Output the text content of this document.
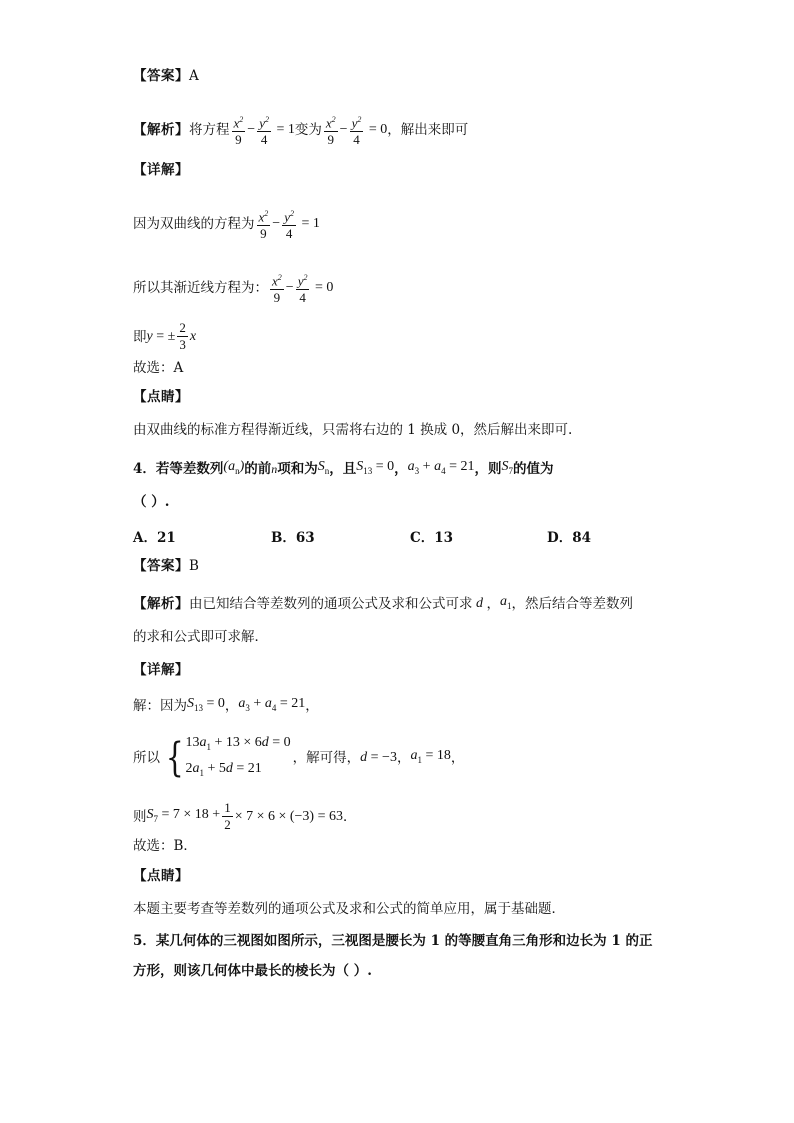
【答案】 A
【解析】 将方程 $\frac{x^2}{9} - \frac{y^2}{4} = 1$ 变为 $\frac{x^2}{9} - \frac{y^2}{4} = 0$ ，解出来即可
【详解】
因为双曲线的方程为 $\frac{x^2}{9} - \frac{y^2}{4} = 1$
所以其渐近线方程为： $\frac{x^2}{9} - \frac{y^2}{4} = 0$
即 y = ± $\frac{2}{3}$ x
故选：A
【点睛】
由双曲线的标准方程得渐近线，只需将右边的 1 换成 0，然后解出来即可.
4．若等差数列 $(a_n)$ 的前 n 项和为 $S_n$ ，且 $S_{13} = 0$ ， $a_3 + a_4 = 21$ ，则 $S_7$ 的值为
（ ）.
A．21	B．63	C．13	D．84
【答案】 B
【解析】 由已知结合等差数列的通项公式及求和公式可求 d ， $a_1$ ，然后结合等差数列
的求和公式即可求解．
【详解】
解：因为 $S_{13} = 0$ ， $a_3 + a_4 = 21$ ，
所以 { $13a_1 + 13 \times 6d = 0$
$2a_1 + 5d = 21$
，解可得， d = −3 ， $a_1 = 18$ ，
则 $S_7 = 7 \times 18 + \frac{1}{2} \times 7 \times 6 \times (-3) = 63$ ．
故选：B．
【点睛】
本题主要考查等差数列的通项公式及求和公式的简单应用，属于基础题．
5．某几何体的三视图如图所示，三视图是腰长为 1 的等腰直角三角形和边长为 1 的正
方形，则该几何体中最长的棱长为（ ）.
